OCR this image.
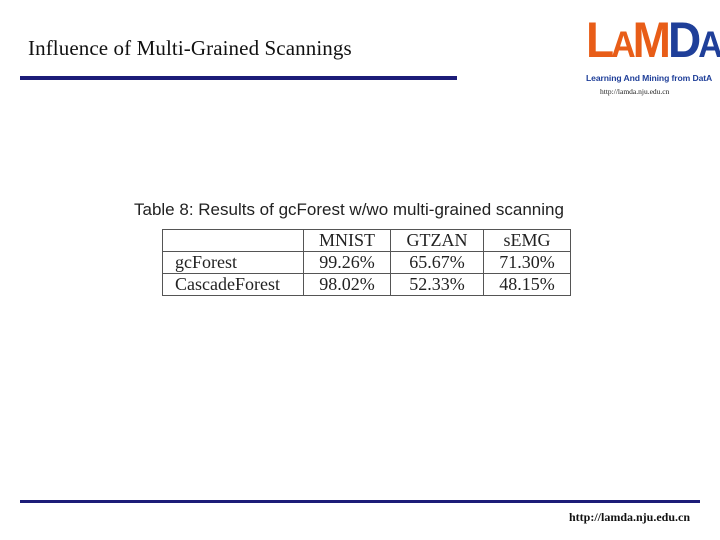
Influence of Multi-Grained Scannings	LAMDA
Learning And Mining from DatA
http://lamda.nju.edu.cn
Table 8: Results of gcForest w/wo multi-grained scanning
	MNIST	GTZAN	sEMG
gcForest	99.26%	65.67%	71.30%
CascadeForest	98.02%	52.33%	48.15%
http://lamda.nju.edu.cn
